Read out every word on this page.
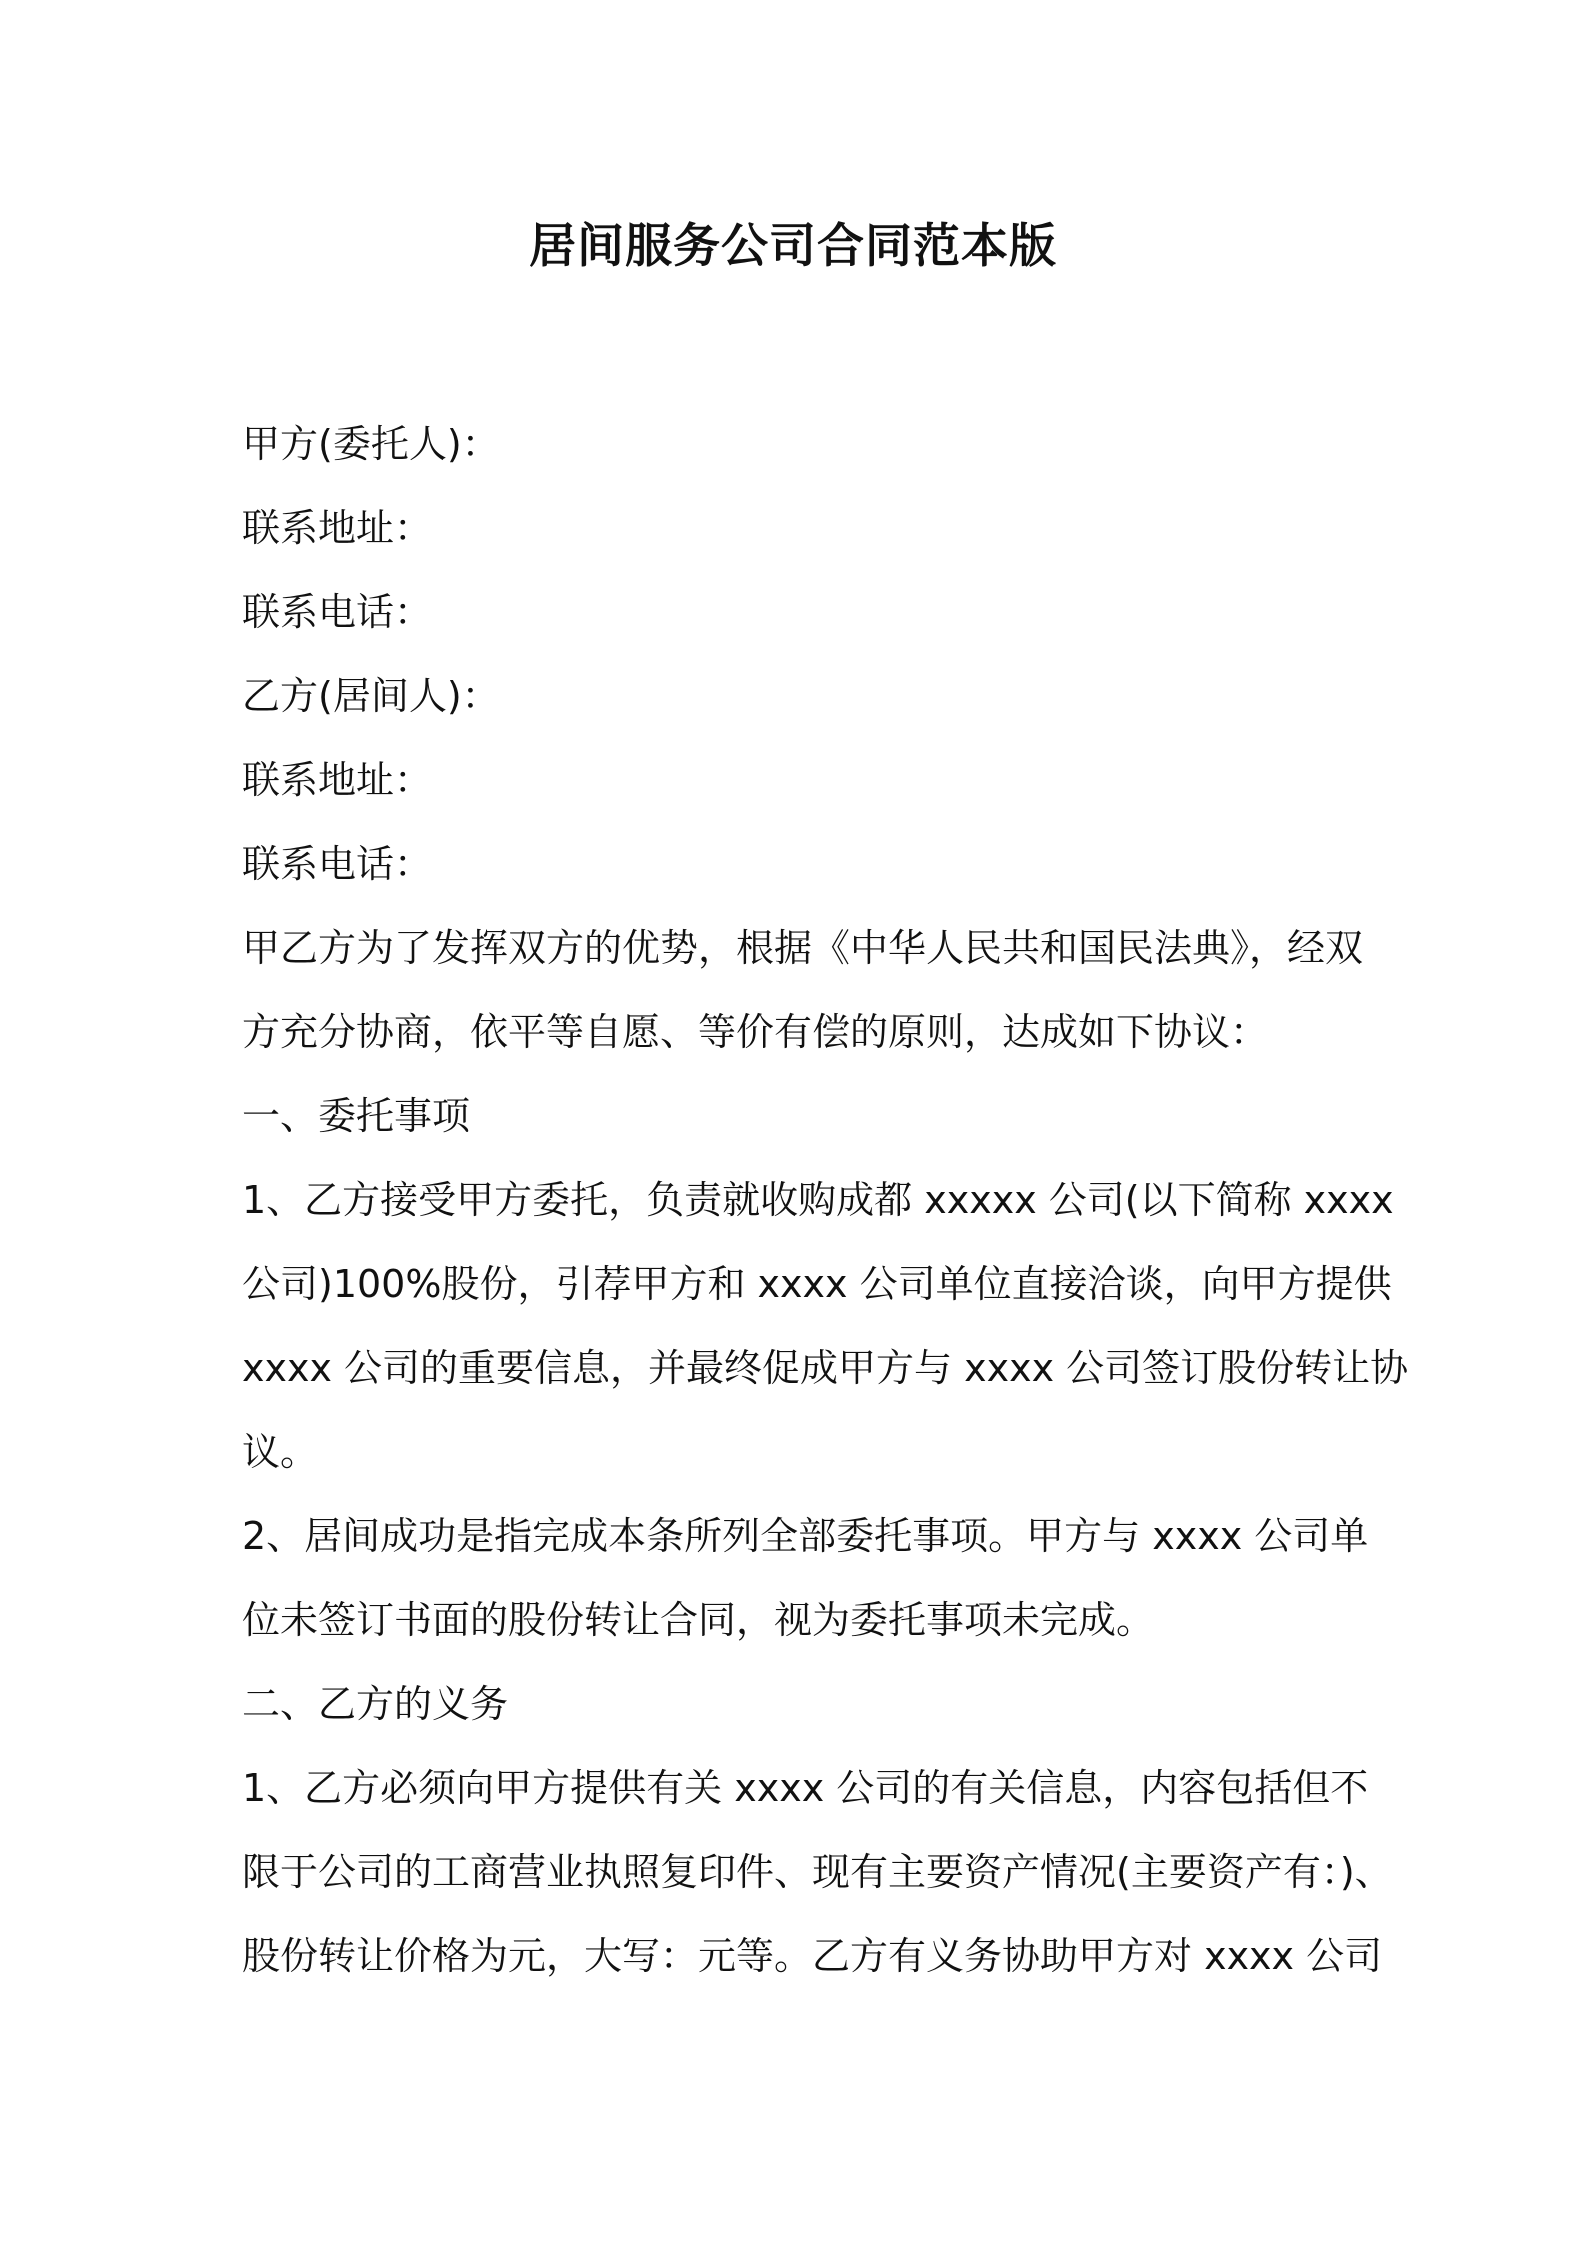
居间服务公司合同范本版
甲方(委托人)：
联系地址：
联系电话：
乙方(居间人)：
联系地址：
联系电话：
甲乙方为了发挥双方的优势，根据《中华人民共和国民法典》，经双
方充分协商，依平等自愿、等价有偿的原则，达成如下协议：
一、委托事项
1、乙方接受甲方委托，负责就收购成都 xxxxx 公司(以下简称 xxxx
公司)100%股份，引荐甲方和 xxxx 公司单位直接洽谈，向甲方提供
xxxx 公司的重要信息，并最终促成甲方与 xxxx 公司签订股份转让协
议。
2、居间成功是指完成本条所列全部委托事项。甲方与 xxxx 公司单
位未签订书面的股份转让合同，视为委托事项未完成。
二、乙方的义务
1、乙方必须向甲方提供有关 xxxx 公司的有关信息，内容包括但不
限于公司的工商营业执照复印件、现有主要资产情况(主要资产有：)、
股份转让价格为元，大写：元等。乙方有义务协助甲方对 xxxx 公司
